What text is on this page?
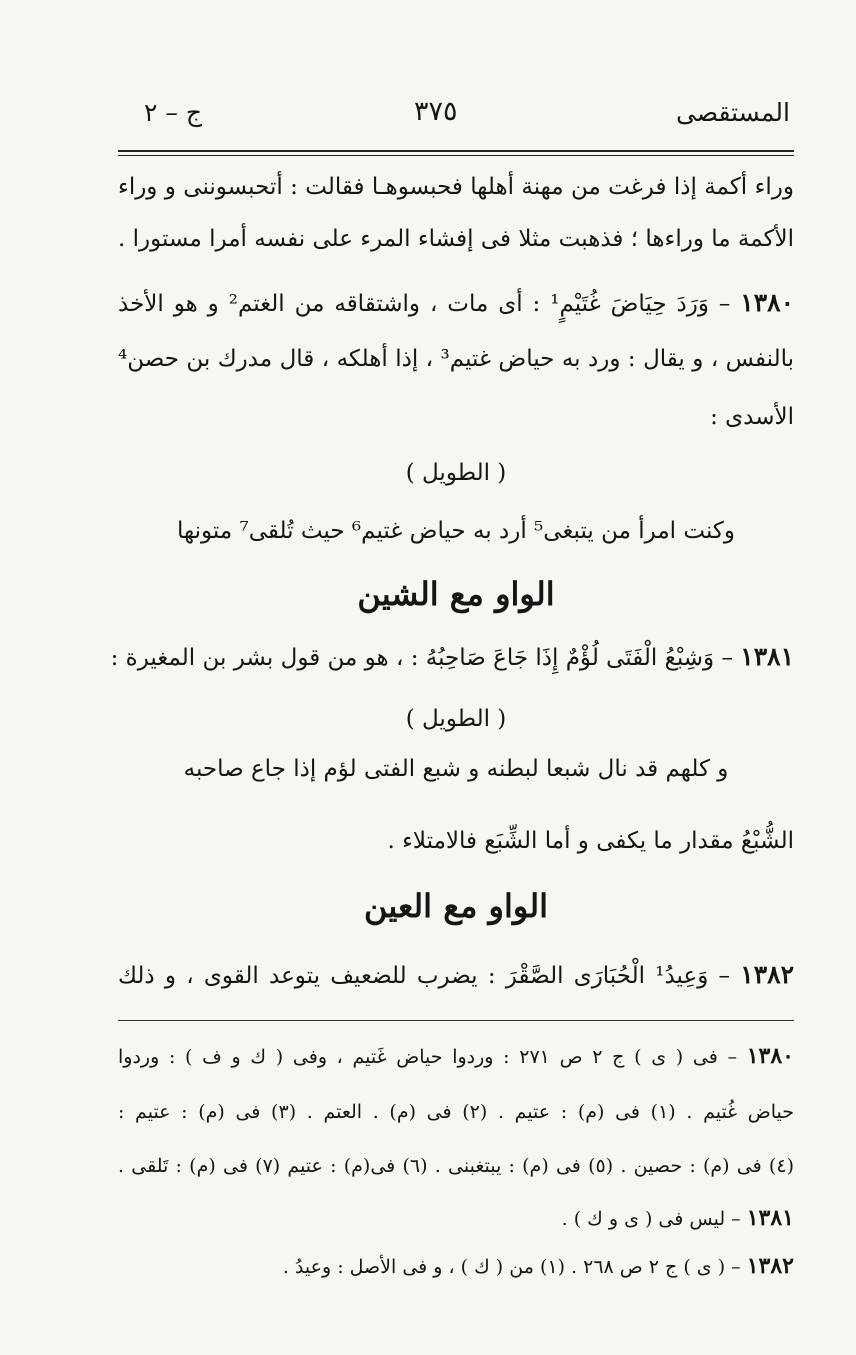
المستقصى
٣٧٥
ج – ٢
وراء أكمة إذا فرغت من مهنة أهلها فحبسوهـا فقالت : أتحبسوننى و وراء
الأكمة ما وراءها ؛ فذهبت مثلا فى إفشاء المرء على نفسه أمرا مستورا .
١٣٨٠ – وَرَدَ حِيَاضَ غُتَيْمٍ¹ : أى مات ، واشتقاقه من الغتم² و هو الأخذ
بالنفس ، و يقال : ورد به حياض غتيم³ ، إذا أهلكه ، قال مدرك بن حصن⁴
الأسدى :
( الطويل )
وكنت امرأ من يتبغى⁵ أرد به حياض غتيم⁶ حيث تُلقى⁷ متونها
الواو مع الشين
١٣٨١ – وَشِبْعُ الْفَتَى لُؤْمٌ إِذَا جَاعَ صَاحِبُهُ : ، هو من قول بشر بن المغيرة :
( الطويل )
و كلهم قد نال شبعا لبطنه و شبع الفتى لؤم إذا جاع صاحبه
الشُّبْعُ مقدار ما يكفى و أما الشِّبَع فالامتلاء .
الواو مع العين
١٣٨٢ – وَعِيدُ¹ الْحُبَارَى الصَّقْرَ : يضرب للضعيف يتوعد القوى ، و ذلك
١٣٨٠ – فى ( ى ) ج ٢ ص ٢٧١ : وردوا حياض غَتيم ، وفى ( ك و ف ) : وردوا
حياض غُتيم . (١) فى (م) : عتيم . (٢) فى (م) . العتم . (٣) فى (م) : عتيم :
(٤) فى (م) : حصين . (٥) فى (م) : يبتغبنى . (٦) فى(م) : عتيم (٧) فى (م) : تَلقى .
١٣٨١ – ليس فى ( ى و ك ) .
١٣٨٢ – ( ى ) ج ٢ ص ٢٦٨ . (١) من ( ك ) ، و فى الأصل : وعيدُ .
